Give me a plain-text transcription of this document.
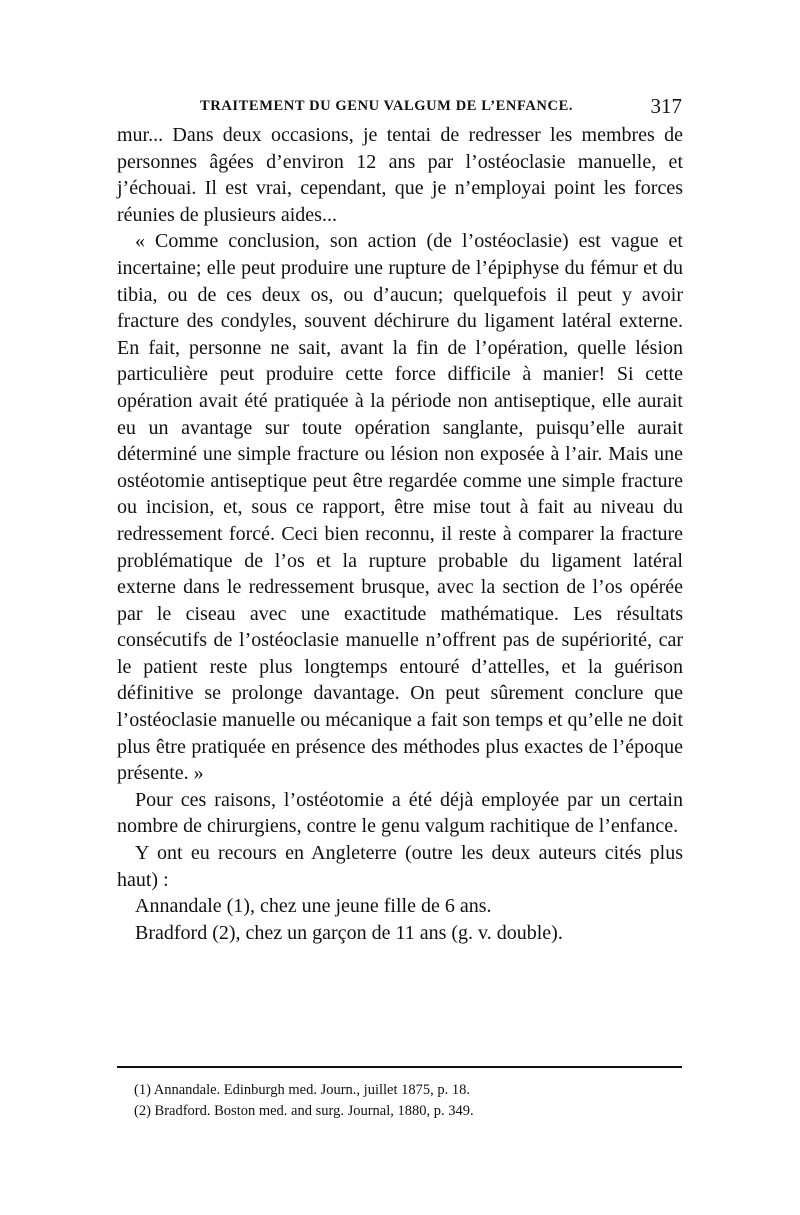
TRAITEMENT DU GENU VALGUM DE L’ENFANCE.	317

mur... Dans deux occasions, je tentai de redresser les membres de personnes âgées d’environ 12 ans par l’ostéoclasie manuelle, et j’échouai. Il est vrai, cependant, que je n’employai point les forces réunies de plusieurs aides...

« Comme conclusion, son action (de l’ostéoclasie) est vague et incertaine; elle peut produire une rupture de l’épiphyse du fémur et du tibia, ou de ces deux os, ou d’aucun; quelquefois il peut y avoir fracture des condyles, souvent déchirure du ligament latéral externe. En fait, personne ne sait, avant la fin de l’opération, quelle lésion particulière peut produire cette force difficile à manier! Si cette opération avait été pratiquée à la période non antiseptique, elle aurait eu un avantage sur toute opération sanglante, puisqu’elle aurait déterminé une simple fracture ou lésion non exposée à l’air. Mais une ostéotomie antiseptique peut être regardée comme une simple fracture ou incision, et, sous ce rapport, être mise tout à fait au niveau du redressement forcé. Ceci bien reconnu, il reste à comparer la fracture problématique de l’os et la rupture probable du ligament latéral externe dans le redressement brusque, avec la section de l’os opérée par le ciseau avec une exactitude mathématique. Les résultats consécutifs de l’ostéoclasie manuelle n’offrent pas de supériorité, car le patient reste plus longtemps entouré d’attelles, et la guérison définitive se prolonge davantage. On peut sûrement conclure que l’ostéoclasie manuelle ou mécanique a fait son temps et qu’elle ne doit plus être pratiquée en présence des méthodes plus exactes de l’époque présente. »

Pour ces raisons, l’ostéotomie a été déjà employée par un certain nombre de chirurgiens, contre le genu valgum rachitique de l’enfance.

Y ont eu recours en Angleterre (outre les deux auteurs cités plus haut) :

Annandale (1), chez une jeune fille de 6 ans.

Bradford (2), chez un garçon de 11 ans (g. v. double).

(1) Annandale. Edinburgh med. Journ., juillet 1875, p. 18.

(2) Bradford. Boston med. and surg. Journal, 1880, p. 349.
